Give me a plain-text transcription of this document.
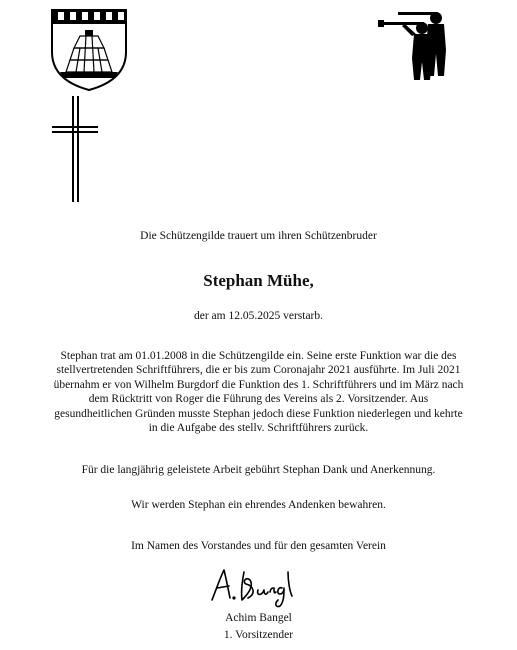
Die Schützengilde trauert um ihren Schützenbruder
Stephan Mühe,
der am 12.05.2025 verstarb.
Stephan trat am 01.01.2008 in die Schützengilde ein. Seine erste Funktion war die des stellvertretenden Schriftführers, die er bis zum Coronajahr 2021 ausführte. Im Juli 2021 übernahm er von Wilhelm Burgdorf die Funktion des 1. Schriftführers und im März nach dem Rücktritt von Roger die Führung des Vereins als 2. Vorsitzender. Aus gesundheitlichen Gründen musste Stephan jedoch diese Funktion niederlegen und kehrte in die Aufgabe des stellv. Schriftführers zurück.
Für die langjährig geleistete Arbeit gebührt Stephan Dank und Anerkennung.
Wir werden Stephan ein ehrendes Andenken bewahren.
Im Namen des Vorstandes und für den gesamten Verein
Achim Bangel
1. Vorsitzender
